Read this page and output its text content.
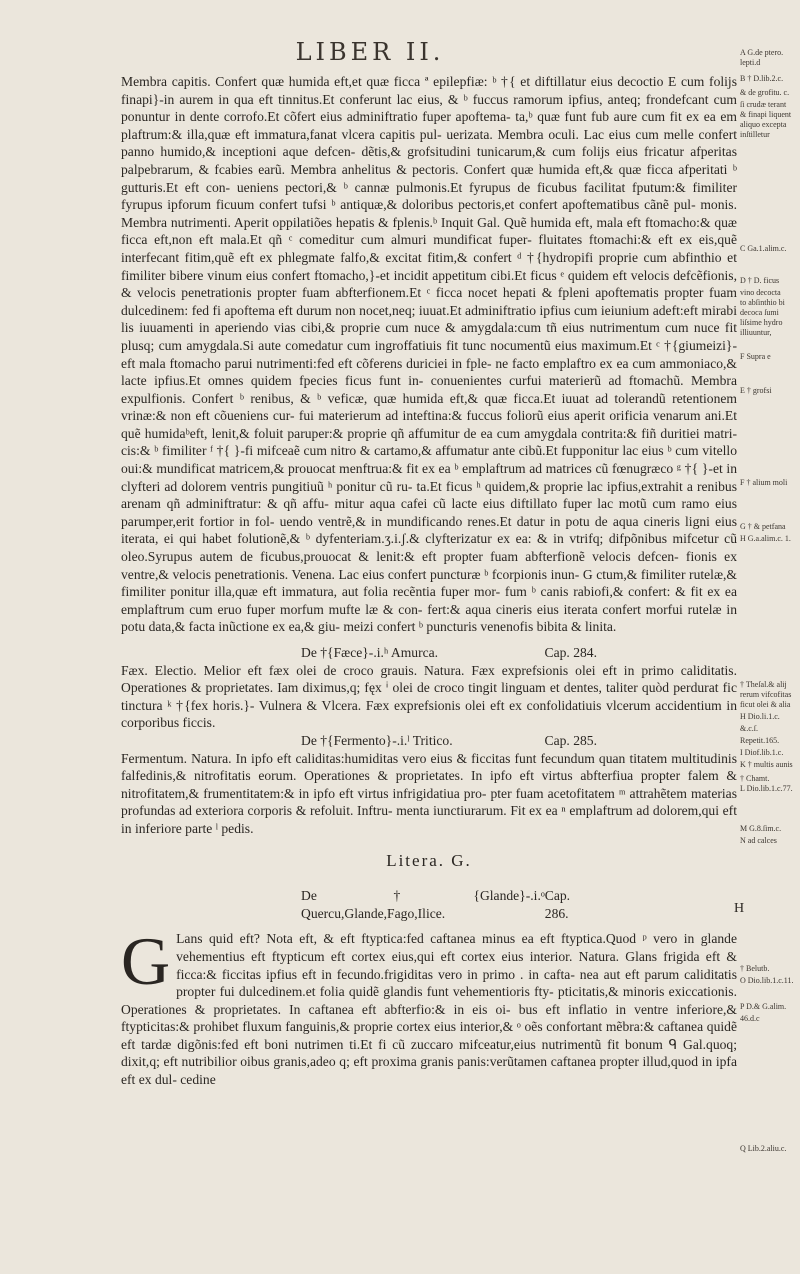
LIBER II.

Membra capitis. Confert quæ humida eft,et quæ ficca ª epilepfiæ: ᵇ †{ et diftillatur eius decoctio E cum folijs finapi}-in aurem in qua eft tinnitus.Et conferunt lac eius, & ᵇ fuccus ramorum ipfius, anteq; frondefcant cum ponuntur in dente corrofo.Et cõfert eius adminiftratio fuper apoftema- ta,ᵇ quæ funt fub aure cum fit ex ea em plaftrum:& illa,quæ eft immatura,fanat vlcera capitis pul- uerizata. Membra oculi. Lac eius cum melle confert panno humido,& inceptioni aque defcen- dẽtis,& grofsitudini tunicarum,& cum folijs eius fricatur afperitas palpebrarum, & fcabies earũ. Membra anhelitus & pectoris. Confert quæ humida eft,& quæ ficca afperitati ᵇ gutturis.Et eft con- ueniens pectori,& ᵇ cannæ pulmonis.Et fyrupus de ficubus facilitat fputum:& fimiliter fyrupus ipforum ficuum confert tufsi ᵇ antiquæ,& doloribus pectoris,et confert apoftematibus cãnẽ pul- monis. Membra nutrimenti. Aperit oppilatiões hepatis & fplenis.ᵇ Inquit Gal. Quẽ humida eft, mala eft ftomacho:& quæ ficca eft,non eft mala.Et qñ ᶜ comeditur cum almuri mundificat fuper- fluitates ftomachi:& eft ex eis,quẽ interfecant fitim,quẽ eft ex phlegmate falfo,& excitat fitim,& confert ᵈ †{hydropifi proprie cum abfinthio et fimiliter bibere vinum eius confert ftomacho,}-et incidit appetitum cibi.Et ficus ᵉ quidem eft velocis defcẽfionis, & velocis penetrationis propter fuam abfterfionem.Et ᶜ ficca nocet hepati & fpleni apoftematis propter fuam dulcedinem: fed fi apoftema eft durum non nocet,neq; iuuat.Et adminiftratio ipfius cum ieiunium adeft:eft mirabi lis iuuamenti in aperiendo vias cibi,& proprie cum nuce & amygdala:cum tñ eius nutrimentum cum nuce fit plusq; cum amygdala.Si aute comedatur cum ingroffatiuis fit tunc nocumentũ eius maximum.Et ᶜ †{giumeizi}-eft mala ftomacho parui nutrimenti:fed eft cõferens duriciei in fple- ne facto emplaftro ex ea cum ammoniaco,& lacte ipfius.Et omnes quidem fpecies ficus funt in- conuenientes curfui materierũ ad ftomachũ. Membra expulfionis. Confert ᵇ renibus, & ᵇ veficæ, quæ humida eft,& quæ ficca.Et iuuat ad tolerandũ retentionem vrinæ:& non eft cõueniens cur- fui materierum ad inteftina:& fuccus foliorũ eius aperit orificia venarum ani.Et quẽ humidaᵇeft, lenit,& foluit paruper:& proprie qñ affumitur de ea cum amygdala contrita:& fiñ duritiei matri- cis:& ᵇ fimiliter ᶠ †{ }-fi mifceaẽ cum nitro & cartamo,& affumatur ante cibũ.Et fupponitur lac eius ᵇ cum vitello oui:& mundificat matricem,& prouocat menftrua:& fit ex ea ᵇ emplaftrum ad matrices cũ fœnugræco ᵍ †{ }-et in clyfteri ad dolorem ventris pungitiuũ ʰ ponitur cũ ru- ta.Et ficus ʰ quidem,& proprie lac ipfius,extrahit a renibus arenam qñ adminiftratur: & qñ affu- mitur aqua cafei cũ lacte eius diftillato fuper lac motũ cum ramo eius parumper,erit fortior in fol- uendo ventrẽ,& in mundificando renes.Et datur in potu de aqua cineris ligni eius iterata, ei qui habet folutionẽ,& ᵇ dyfenteriam.ʒ.i.ʃ.& clyfterizatur ex ea: & in vtrifq; difpõnibus mifcetur cũ oleo.Syrupus autem de ficubus,prouocat & lenit:& eft propter fuam abfterfionẽ velocis defcen- fionis ex ventre,& velocis penetrationis. Venena. Lac eius confert puncturæ ᵇ fcorpionis inun- G ctum,& fimiliter rutelæ,& fimiliter ponitur illa,quæ eft immatura, aut folia recẽntia fuper mor- fum ᵇ canis rabiofi,& confert: & fit ex ea emplaftrum cum eruo fuper morfum mufte læ & con- fert:& aqua cineris eius iterata confert morfui rutelæ in potu data,& facta inũctione ex ea,& giu- meizi confert ᵇ puncturis venenofis bibita & linita.

De †{Fæce}-.i.ʰ Amurca.	Cap. 284.

Fæx. Electio. Melior eft fæx olei de croco grauis. Natura. Fæx exprefsionis olei eft in primo caliditatis. Operationes & proprietates. Iam diximus,q; fęx ⁱ olei de croco tingit linguam et dentes, taliter quòd perdurat fic tinctura ᵏ †{fex horis.}- Vulnera & Vlcera. Fæx exprefsionis olei eft ex confolidatiuis vlcerum accidentium in corporibus ficcis.

De †{Fermento}-.i.ˡ Tritico.	Cap. 285.

Fermentum. Natura. In ipfo eft caliditas:humiditas vero eius & ficcitas funt fecundum quan titatem multitudinis falfedinis,& nitrofitatis eorum. Operationes & proprietates. In ipfo eft virtus abfterfiua propter falem & nitrofitatem,& frumentitatem:& in ipfo eft virtus infrigidatiua pro- pter fuam acetofitatem ᵐ attrahẽtem materias profundas ad exteriora corporis & refoluit. Inftru- menta iunctiurarum. Fit ex ea ⁿ emplaftrum ad dolorem,qui eft in inferiore parte ˡ pedis.

Litera. G.
De †{Glande}-.i.ᵒ Quercu,Glande,Fago,Ilice.
Cap. 286.

G Lans quid eft? Nota eft, & eft ftyptica:fed caftanea minus ea eft ftyptica.Quod ᵖ vero in glande vehementius eft ftypticum eft cortex eius,qui eft cortex eius interior. Natura. Glans frigida eft & ficca:& ficcitas ipfius eft in fecundo.frigiditas vero in primo . in cafta- nea aut eft parum caliditatis propter fui dulcedinem.et folia quidẽ glandis funt vehementioris fty- pticitatis,& minoris exiccationis. Operationes & proprietates. In caftanea eft abfterfio:& in eis oi- bus eft inflatio in ventre inferiore,& ftypticitas:& prohibet fluxum fanguinis,& proprie cortex eius interior,& ᵒ oẽs confortant mẽbra:& caftanea quidẽ eft tardæ digõnis:fed eft boni nutrimen ti.Et fi cũ zuccaro mifceatur,eius nutrimentũ fit bonum ᑫ Gal.quoq; dixit,q; eft nutribilior oibus granis,adeo q; eft proxima granis panis:verũtamen caftanea propter illud,quod in ipfa eft ex dul- cedine

A G.de ptero. lepti.d
B † D.lib.2.c.
& de grofitu. c.
ſi crudæ terant
& finapi liquent
aliquo excepta
inſtilletur
C Ga.1.alim.c.
D † D. ficus
vino decocta
to abſinthio bi
decoca ſumi
liſsime hydro
illiuuntur,
F Supra e
E † grofsi
F † alium moli
G † & petfana
H G.a.alim.c. 1.
† Theſal.& alij
rerum vifcofitas
ficut olei & alia
H Dio.li.1.c.
&.c.ſ.
Repetit.165.
I Diof.lib.1.c.
K † multis aunis
† Chamt.
L Dio.lib.1.c.77.
M G.8.ſim.c.
N ad calces
† Belutb.
O Dio.lib.1.c.11.
P D.& G.alim.
46.d.c
Q Lib.2.aliu.c.
H
